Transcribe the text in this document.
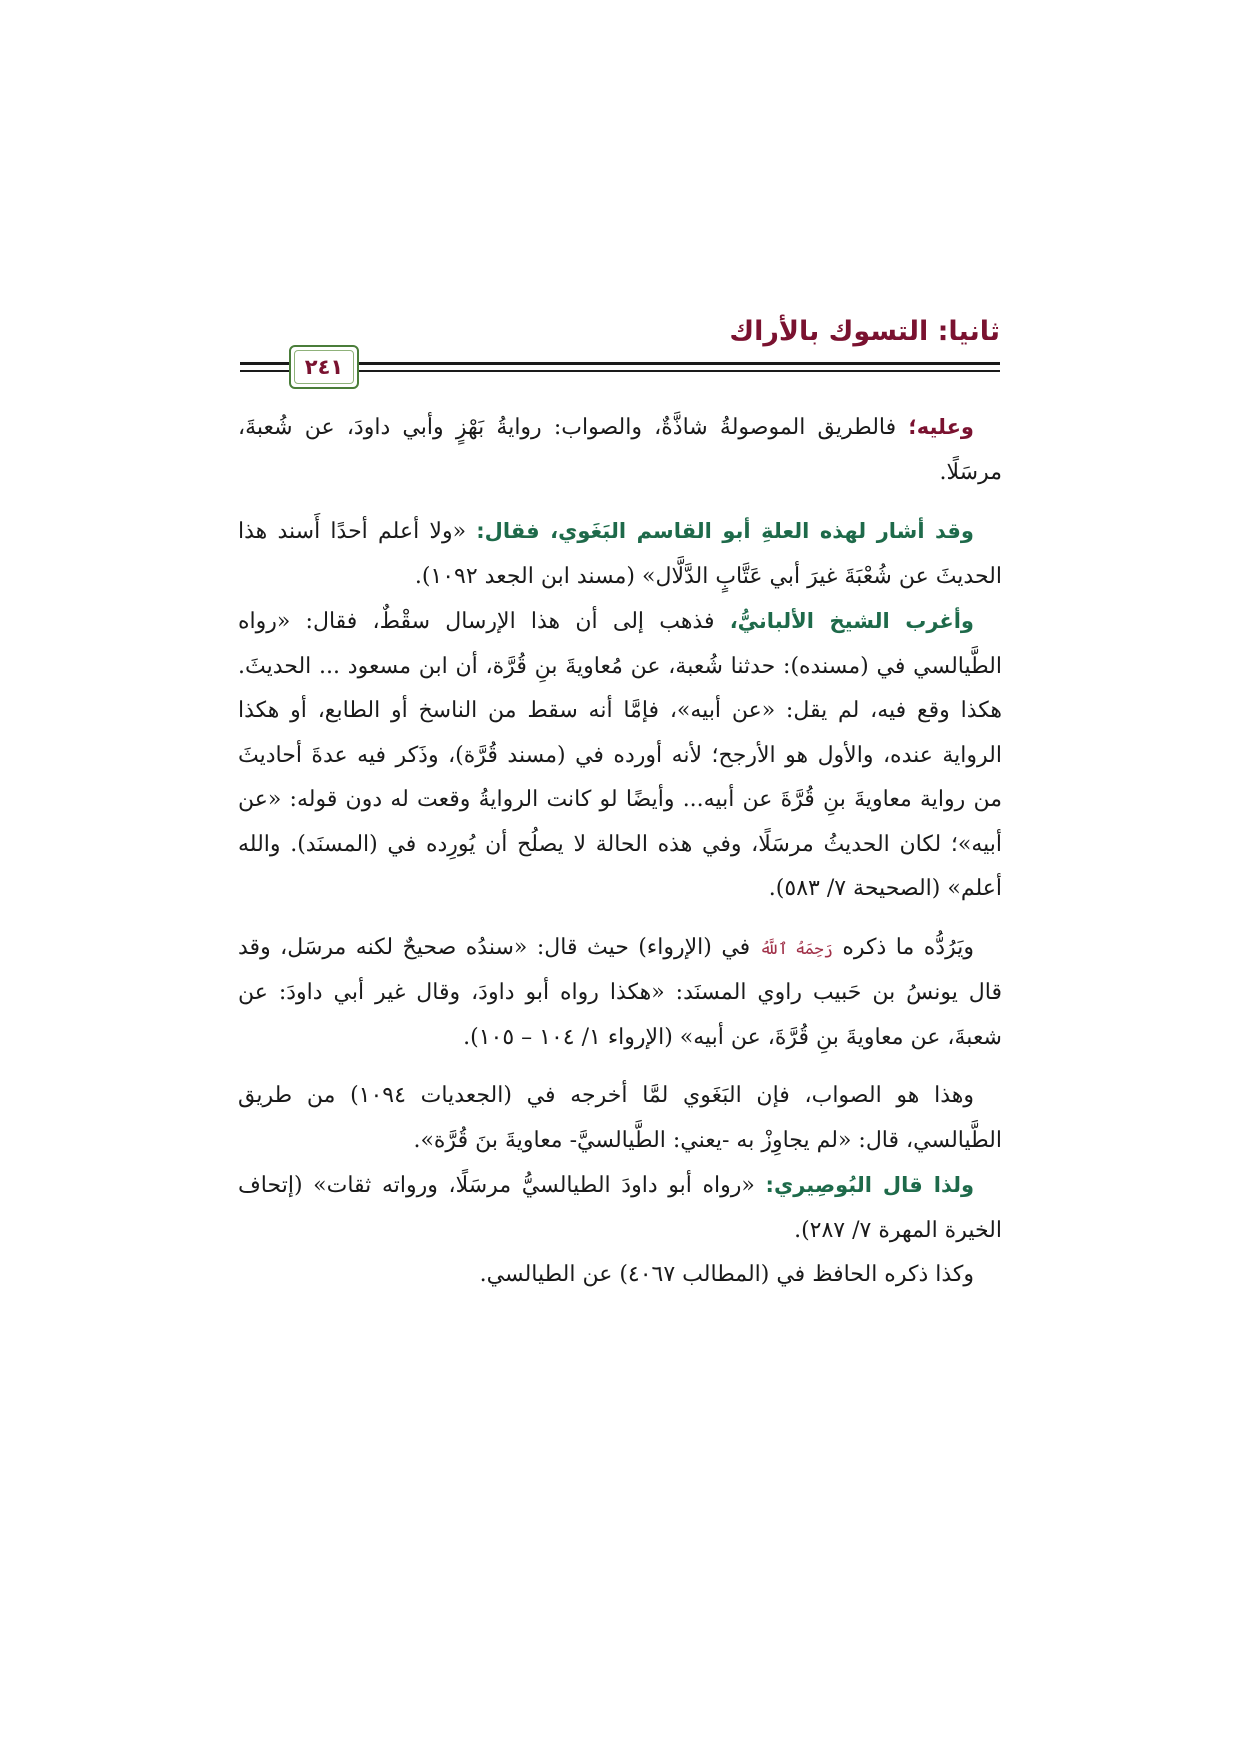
ثانيا: التسوك بالأراك
٢٤١

وعليه؛ فالطريق الموصولةُ شاذَّةٌ، والصواب: روايةُ بَهْزٍ وأبي داودَ، عن شُعبةَ، مرسَلًا.

وقد أشار لهذه العلةِ أبو القاسم البَغَوي، فقال: «ولا أعلم أحدًا أَسند هذا الحديثَ عن شُعْبَةَ غيرَ أبي عَتَّابٍ الدَّلَّال» (مسند ابن الجعد ١٠٩٢).

وأغرب الشيخ الألبانيُّ، فذهب إلى أن هذا الإرسال سقْطٌ، فقال: «رواه الطَّيالسي في (مسنده): حدثنا شُعبة، عن مُعاويةَ بنِ قُرَّة، أن ابن مسعود ... الحديثَ. هكذا وقع فيه، لم يقل: «عن أبيه»، فإمَّا أنه سقط من الناسخ أو الطابع، أو هكذا الرواية عنده، والأول هو الأرجح؛ لأنه أورده في (مسند قُرَّة)، وذَكر فيه عدةَ أحاديثَ من رواية معاويةَ بنِ قُرَّةَ عن أبيه... وأيضًا لو كانت الروايةُ وقعت له دون قوله: «عن أبيه»؛ لكان الحديثُ مرسَلًا، وفي هذه الحالة لا يصلُح أن يُورِده في (المسنَد). والله أعلم» (الصحيحة ٧/ ٥٨٣).

ويَرُدُّه ما ذكره رَحِمَهُ ٱللَّهُ في (الإرواء) حيث قال: «سندُه صحيحٌ لكنه مرسَل، وقد قال يونسُ بن حَبيب راوي المسنَد: «هكذا رواه أبو داودَ، وقال غير أبي داودَ: عن شعبةَ، عن معاويةَ بنِ قُرَّةَ، عن أبيه» (الإرواء ١/ ١٠٤ – ١٠٥).

وهذا هو الصواب، فإن البَغَوي لمَّا أخرجه في (الجعديات ١٠٩٤) من طريق الطَّيالسي، قال: «لم يجاوِزْ به -يعني: الطَّيالسيَّ- معاويةَ بنَ قُرَّة».

ولذا قال البُوصِيري: «رواه أبو داودَ الطيالسيُّ مرسَلًا، ورواته ثقات» (إتحاف الخيرة المهرة ٧/ ٢٨٧).

وكذا ذكره الحافظ في (المطالب ٤٠٦٧) عن الطيالسي.
